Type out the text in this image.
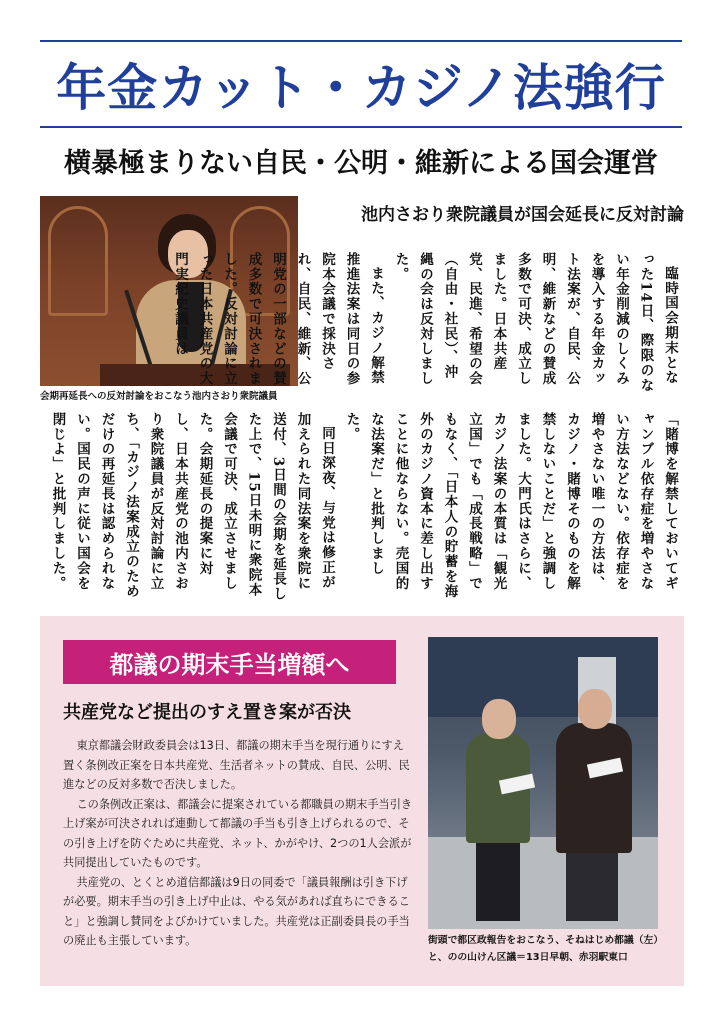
年金カット・カジノ法強行
横暴極まりない自民・公明・維新による国会運営
会期再延長への反対討論をおこなう池内さおり衆院議員
池内さおり衆院議員が国会延長に反対討論

臨時国会期末となった14日、際限のない年金削減のしくみを導入する年金カット法案が、自民、公明、維新などの賛成多数で可決、成立しました。日本共産党、民進、希望の会（自由・社民）、沖縄の会は反対しました。

また、カジノ解禁推進法案は同日の参院本会議で採決され、自民、維新、公明党の一部などの賛成多数で可決されました。反対討論に立った日本共産党の大門実紀史議員は

「賭博を解禁しておいてギャンブル依存症を増やさない方法などない。依存症を増やさない唯一の方法は、カジノ・賭博そのものを解禁しないことだ」と強調しました。大門氏はさらに、カジノ法案の本質は「観光立国」でも「成長戦略」でもなく、「日本人の貯蓄を海外のカジノ資本に差し出すことに他ならない。売国的な法案だ」と批判しました。

同日深夜、与党は修正が加えられた同法案を衆院に送付、3日間の会期を延長した上で、15日未明に衆院本会議で可決、成立させました。会期延長の提案に対し、日本共産党の池内さおり衆院議員が反対討論に立ち、「カジノ法案成立のためだけの再延長は認められない。国民の声に従い国会を閉じよ」と批判しました。

都議の期末手当増額へ
共産党など提出のすえ置き案が否決

東京都議会財政委員会は13日、都議の期末手当を現行通りにすえ置く条例改正案を日本共産党、生活者ネットの賛成、自民、公明、民進などの反対多数で否決しました。

この条例改正案は、都議会に提案されている都職員の期末手当引き上げ案が可決されれば連動して都議の手当も引き上げられるので、その引き上げを防ぐために共産党、ネット、かがやけ、2つの1人会派が共同提出していたものです。

共産党の、とくとめ道信都議は9日の同委で「議員報酬は引き下げが必要。期末手当の引き上げ中止は、やる気があれば直ちにできること」と強調し賛同をよびかけていました。共産党は正副委員長の手当の廃止も主張しています。	街頭で都区政報告をおこなう、そねはじめ都議（左）
と、のの山けん区議＝13日早朝、赤羽駅東口
